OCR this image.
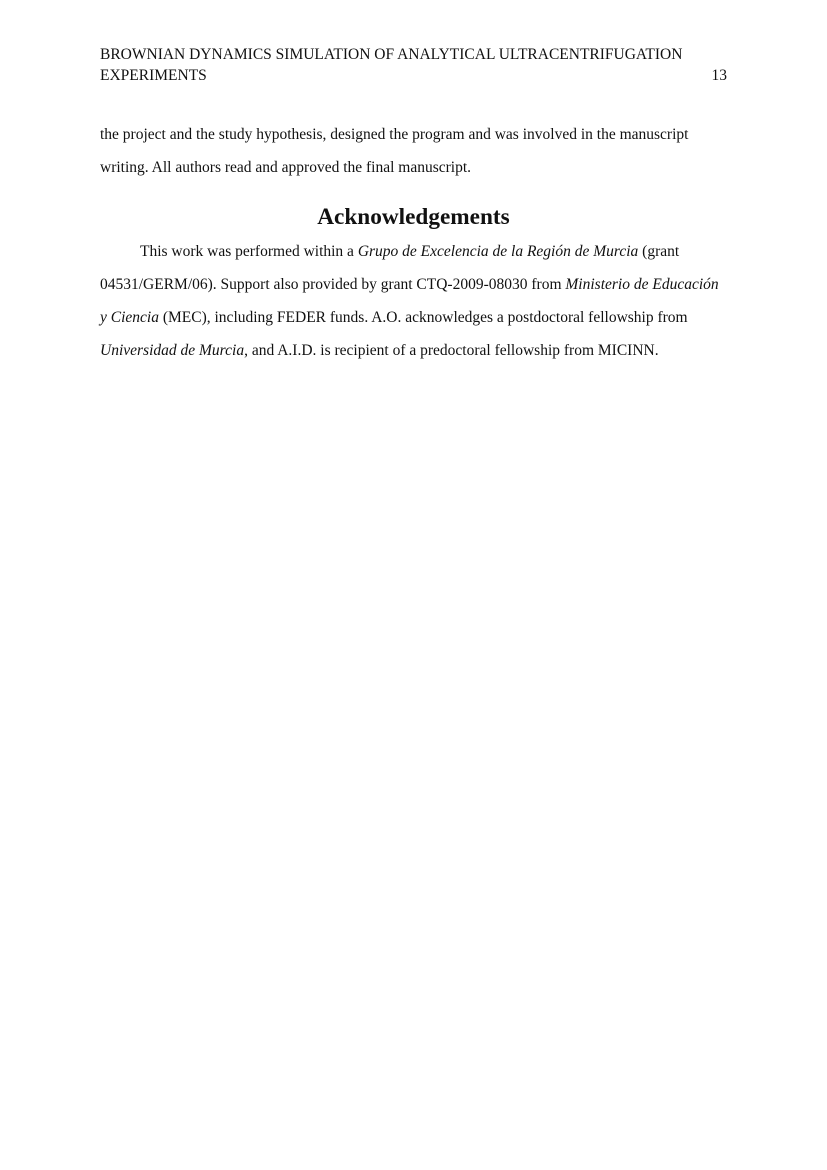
BROWNIAN DYNAMICS SIMULATION OF ANALYTICAL ULTRACENTRIFUGATION
EXPERIMENTS	13

the project and the study hypothesis, designed the program and was involved in the manuscript writing. All authors read and approved the final manuscript.

Acknowledgements

This work was performed within a Grupo de Excelencia de la Región de Murcia (grant 04531/GERM/06). Support also provided by grant CTQ-2009-08030 from Ministerio de Educación y Ciencia (MEC), including FEDER funds. A.O. acknowledges a postdoctoral fellowship from Universidad de Murcia, and A.I.D. is recipient of a predoctoral fellowship from MICINN.
